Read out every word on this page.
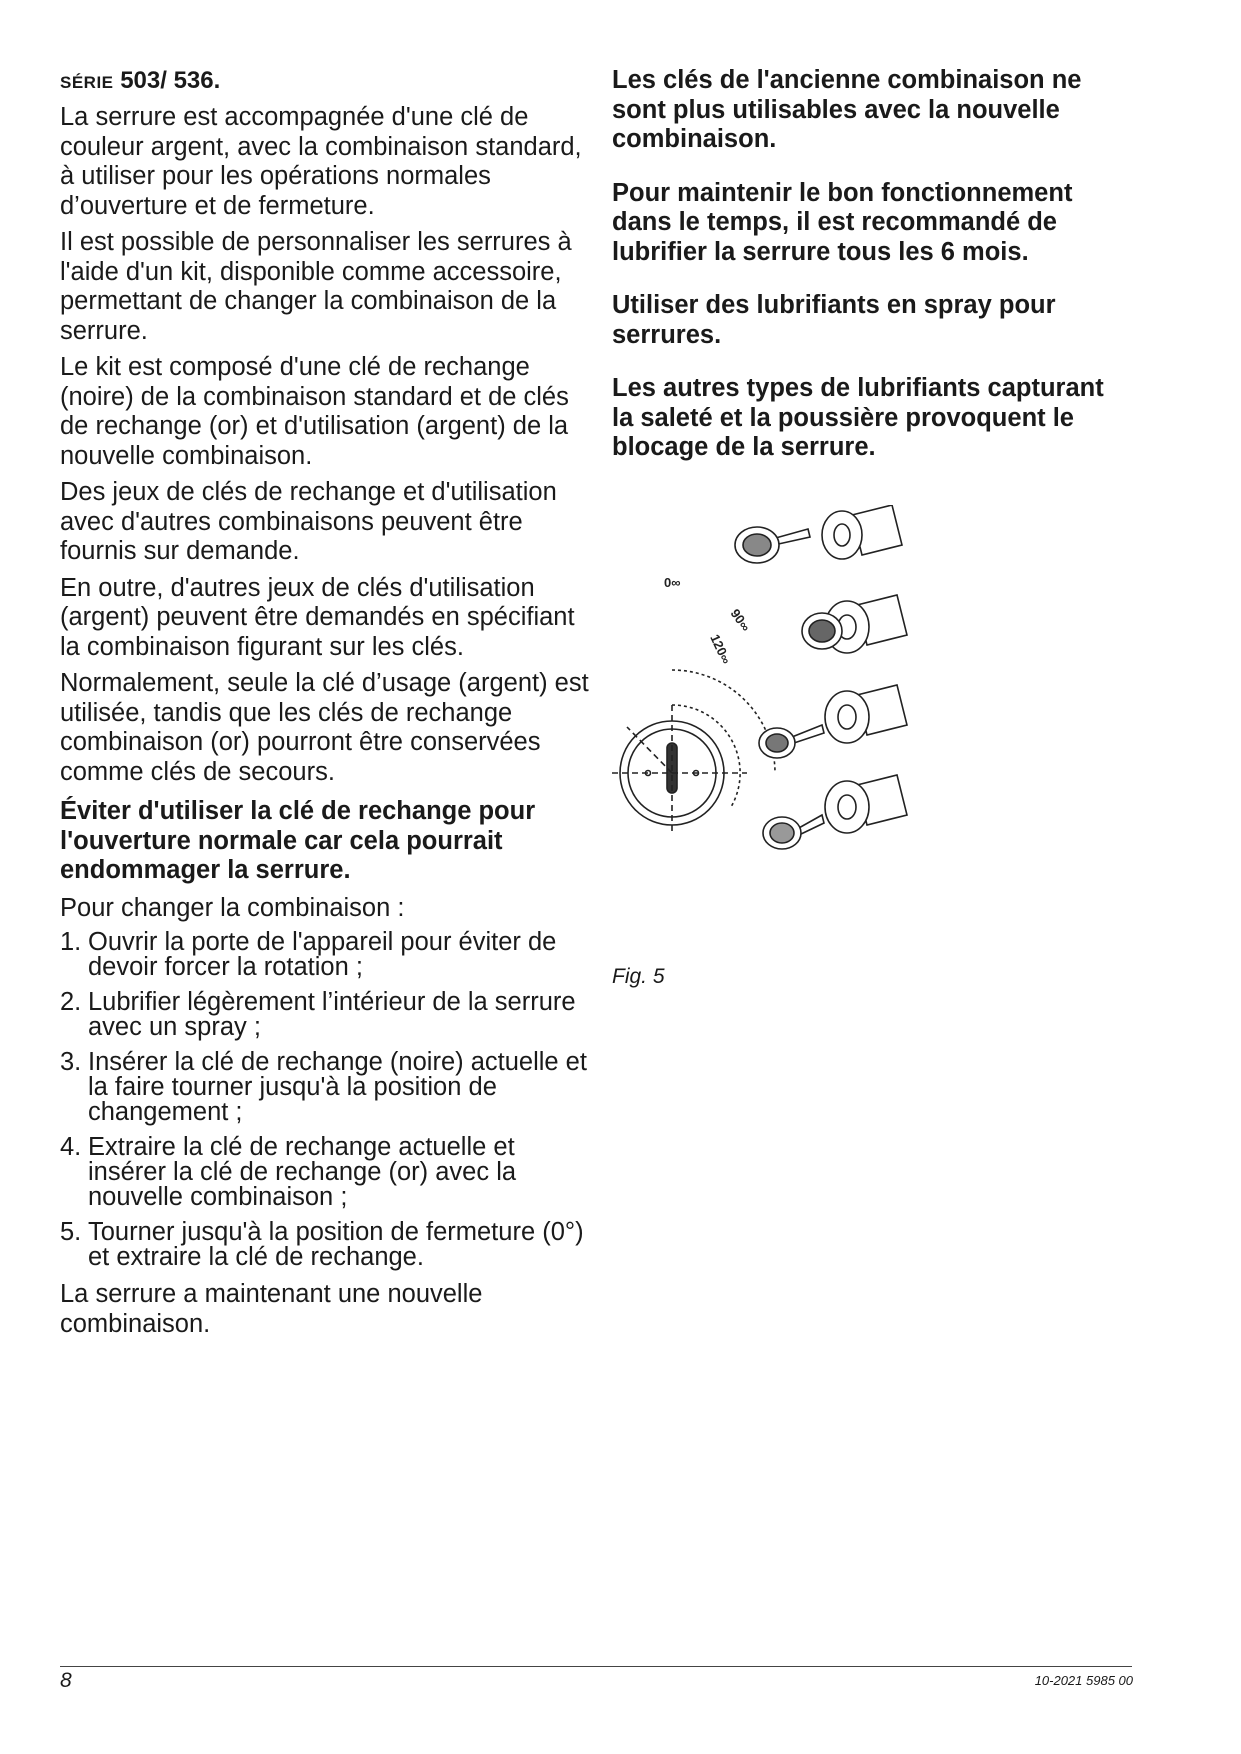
SÉRIE 503/ 536.

La serrure est accompagnée d'une clé de couleur argent, avec la combinaison standard, à utiliser pour les opérations normales d’ouverture et de fermeture.

Il est possible de personnaliser les serrures à l'aide d'un kit, disponible comme accessoire, permettant de changer la combinaison de la serrure.

Le kit est composé d'une clé de rechange (noire) de la combinaison standard et de clés de rechange (or) et d'utilisation (argent) de la nouvelle combinaison.

Des jeux de clés de rechange et d'utilisation avec d'autres combinaisons peuvent être fournis sur demande.

En outre, d'autres jeux de clés d'utilisation (argent) peuvent être demandés en spécifiant la combinaison figurant sur les clés.

Normalement, seule la clé d’usage (argent) est utilisée, tandis que les clés de rechange combinaison (or) pourront être conservées comme clés de secours.

Éviter d'utiliser la clé de rechange pour l'ouverture normale car cela pourrait endommager la serrure.

Pour changer la combinaison :

1. Ouvrir la porte de l'appareil pour éviter de devoir forcer la rotation ;
2. Lubrifier légèrement l’intérieur de la serrure avec un spray ;
3. Insérer la clé de rechange (noire) actuelle et la faire tourner jusqu'à la position de changement ;
4. Extraire la clé de rechange actuelle et insérer la clé de rechange (or) avec la nouvelle combinaison ;
5. Tourner jusqu'à la position de fermeture (0°) et extraire la clé de rechange.

La serrure a maintenant une nouvelle combinaison.

Les clés de l'ancienne combinaison ne sont plus utilisables avec la nouvelle combinaison.

Pour maintenir le bon fonctionnement dans le temps, il est recommandé de lubrifier la serrure tous les 6 mois.

Utiliser des lubrifiants en spray pour serrures.

Les autres types de lubrifiants capturant la saleté et la poussière provoquent le blocage de la serrure.

0∞
90∞
120∞
Fig. 5
8	10-2021 5985 00
